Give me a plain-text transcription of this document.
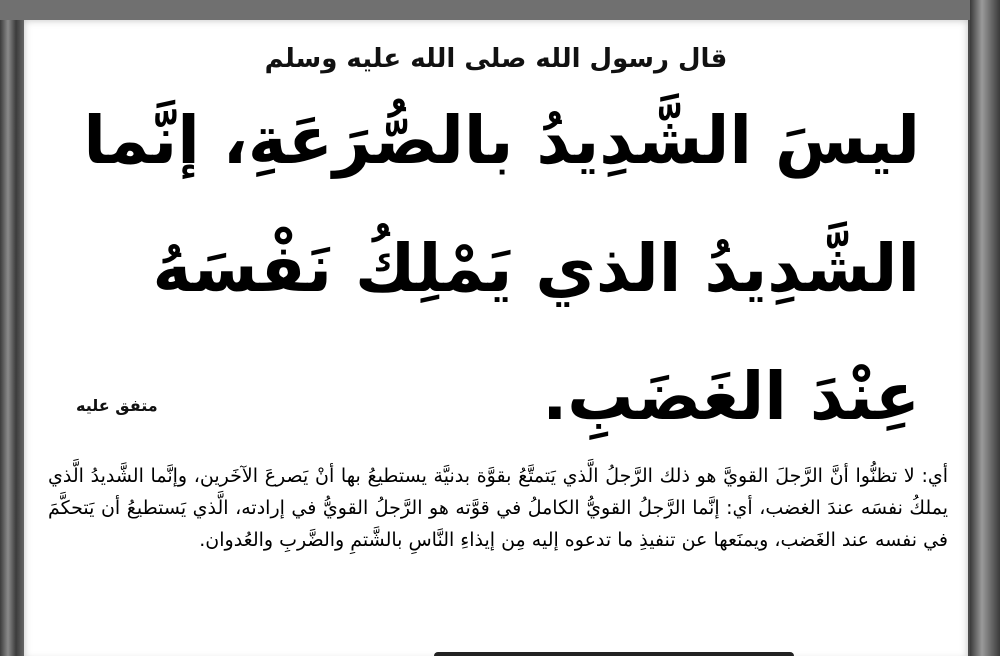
قال رسول الله صلى الله عليه وسلم
ليسَ الشَّدِيدُ بالصُّرَعَةِ، إنَّما
الشَّدِيدُ الذي يَمْلِكُ نَفْسَهُ
عِنْدَ الغَضَبِ.
متفق عليه

أي: لا تظنُّوا أنَّ الرَّجلَ القويَّ هو ذلك الرَّجلُ الَّذي يَتمتَّعُ بقوَّة بدنيَّة يستطيعُ بها أنْ يَصرعَ الآخَرين، وإنَّما الشَّديدُ الَّذي يملكُ نفسَه عندَ الغضب، أي: إنَّما الرَّجلُ القويُّ الكاملُ في قوَّته هو الرَّجلُ القويُّ في إرادته، الَّذي يَستطيعُ أن يَتحكَّمَ في نفسه عند الغَضب، ويمنَعها عن تنفيذِ ما تدعوه إليه مِن إيذاءِ النَّاسِ بالشَّتمِ والضَّربِ والعُدوان.
